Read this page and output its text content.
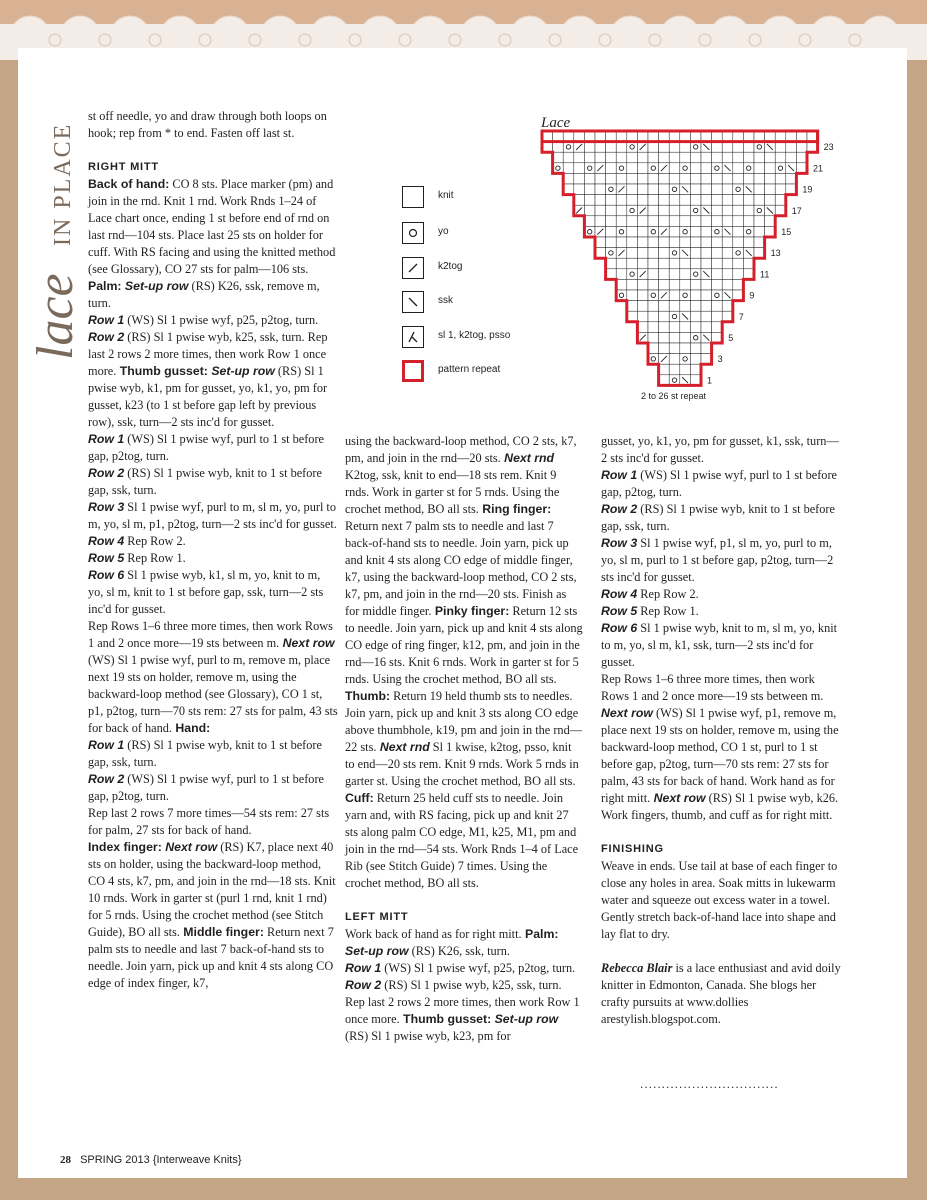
lace
IN PLACE

st off needle, yo and draw through both loops on hook; rep from * to end. Fasten off last st.

RIGHT MITT

Back of hand: CO 8 sts. Place marker (pm) and join in the rnd. Knit 1 rnd. Work Rnds 1–24 of Lace chart once, ending 1 st before end of rnd on last rnd—104 sts. Place last 25 sts on holder for cuff. With RS facing and using the knitted method (see Glossary), CO 27 sts for palm—106 sts.

Palm: Set-up row (RS) K26, ssk, remove m, turn.

Row 1 (WS) Sl 1 pwise wyf, p25, p2tog, turn.

Row 2 (RS) Sl 1 pwise wyb, k25, ssk, turn. Rep last 2 rows 2 more times, then work Row 1 once more. Thumb gusset: Set-up row (RS) Sl 1 pwise wyb, k1, pm for gusset, yo, k1, yo, pm for gusset, k23 (to 1 st before gap left by previous row), ssk, turn—2 sts inc'd for gusset.

Row 1 (WS) Sl 1 pwise wyf, purl to 1 st before gap, p2tog, turn.

Row 2 (RS) Sl 1 pwise wyb, knit to 1 st before gap, ssk, turn.

Row 3 Sl 1 pwise wyf, purl to m, sl m, yo, purl to m, yo, sl m, p1, p2tog, turn—2 sts inc'd for gusset.

Row 4 Rep Row 2.

Row 5 Rep Row 1.

Row 6 Sl 1 pwise wyb, k1, sl m, yo, knit to m, yo, sl m, knit to 1 st before gap, ssk, turn—2 sts inc'd for gusset.

Rep Rows 1–6 three more times, then work Rows 1 and 2 once more—19 sts between m. Next row (WS) Sl 1 pwise wyf, purl to m, remove m, place next 19 sts on holder, remove m, using the backward-loop method (see Glossary), CO 1 st, p1, p2tog, turn—70 sts rem: 27 sts for palm, 43 sts for back of hand. Hand:

Row 1 (RS) Sl 1 pwise wyb, knit to 1 st before gap, ssk, turn.

Row 2 (WS) Sl 1 pwise wyf, purl to 1 st before gap, p2tog, turn.

Rep last 2 rows 7 more times—54 sts rem: 27 sts for palm, 27 sts for back of hand.

Index finger: Next row (RS) K7, place next 40 sts on holder, using the backward-loop method, CO 4 sts, k7, pm, and join in the rnd—18 sts. Knit 10 rnds. Work in garter st (purl 1 rnd, knit 1 rnd) for 5 rnds. Using the crochet method (see Stitch Guide), BO all sts. Middle finger: Return next 7 palm sts to needle and last 7 back-of-hand sts to needle. Join yarn, pick up and knit 4 sts along CO edge of index finger, k7,

knit
yo
k2tog
ssk
sl 1, k2tog, psso
pattern repeat
Lace
23
21
19
17
15
13
11
9
7
5
3
1
2 to 26 st repeat

using the backward-loop method, CO 2 sts, k7, pm, and join in the rnd—20 sts. Next rnd K2tog, ssk, knit to end—18 sts rem. Knit 9 rnds. Work in garter st for 5 rnds. Using the crochet method, BO all sts. Ring finger: Return next 7 palm sts to needle and last 7 back-of-hand sts to needle. Join yarn, pick up and knit 4 sts along CO edge of middle finger, k7, using the backward-loop method, CO 2 sts, k7, pm, and join in the rnd—20 sts. Finish as for middle finger. Pinky finger: Return 12 sts to needle. Join yarn, pick up and knit 4 sts along CO edge of ring finger, k12, pm, and join in the rnd—16 sts. Knit 6 rnds. Work in garter st for 5 rnds. Using the crochet method, BO all sts. Thumb: Return 19 held thumb sts to needles. Join yarn, pick up and knit 3 sts along CO edge above thumbhole, k19, pm and join in the rnd—22 sts. Next rnd Sl 1 kwise, k2tog, psso, knit to end—20 sts rem. Knit 9 rnds. Work 5 rnds in garter st. Using the crochet method, BO all sts. Cuff: Return 25 held cuff sts to needle. Join yarn and, with RS facing, pick up and knit 27 sts along palm CO edge, M1, k25, M1, pm and join in the rnd—54 sts. Work Rnds 1–4 of Lace Rib (see Stitch Guide) 7 times. Using the crochet method, BO all sts.

LEFT MITT

Work back of hand as for right mitt. Palm:
Set-up row (RS) K26, ssk, turn.

Row 1 (WS) Sl 1 pwise wyf, p25, p2tog, turn.

Row 2 (RS) Sl 1 pwise wyb, k25, ssk, turn. Rep last 2 rows 2 more times, then work Row 1 once more. Thumb gusset: Set-up row (RS) Sl 1 pwise wyb, k23, pm for

gusset, yo, k1, yo, pm for gusset, k1, ssk, turn—2 sts inc'd for gusset.

Row 1 (WS) Sl 1 pwise wyf, purl to 1 st before gap, p2tog, turn.

Row 2 (RS) Sl 1 pwise wyb, knit to 1 st before gap, ssk, turn.

Row 3 Sl 1 pwise wyf, p1, sl m, yo, purl to m, yo, sl m, purl to 1 st before gap, p2tog, turn—2 sts inc'd for gusset.

Row 4 Rep Row 2.

Row 5 Rep Row 1.

Row 6 Sl 1 pwise wyb, knit to m, sl m, yo, knit to m, yo, sl m, k1, ssk, turn—2 sts inc'd for gusset.

Rep Rows 1–6 three more times, then work Rows 1 and 2 once more—19 sts between m. Next row (WS) Sl 1 pwise wyf, p1, remove m, place next 19 sts on holder, remove m, using the backward-loop method, CO 1 st, purl to 1 st before gap, p2tog, turn—70 sts rem: 27 sts for palm, 43 sts for back of hand. Work hand as for right mitt. Next row (RS) Sl 1 pwise wyb, k26. Work fingers, thumb, and cuff as for right mitt.

FINISHING

Weave in ends. Use tail at base of each finger to close any holes in area. Soak mitts in lukewarm water and squeeze out excess water in a towel. Gently stretch back-of-hand lace into shape and lay flat to dry.

Rebecca Blair is a lace enthusiast and avid doily knitter in Edmonton, Canada. She blogs her crafty pursuits at www.dollies arestylish.blogspot.com.

................................
28 SPRING 2013 {Interweave Knits}
